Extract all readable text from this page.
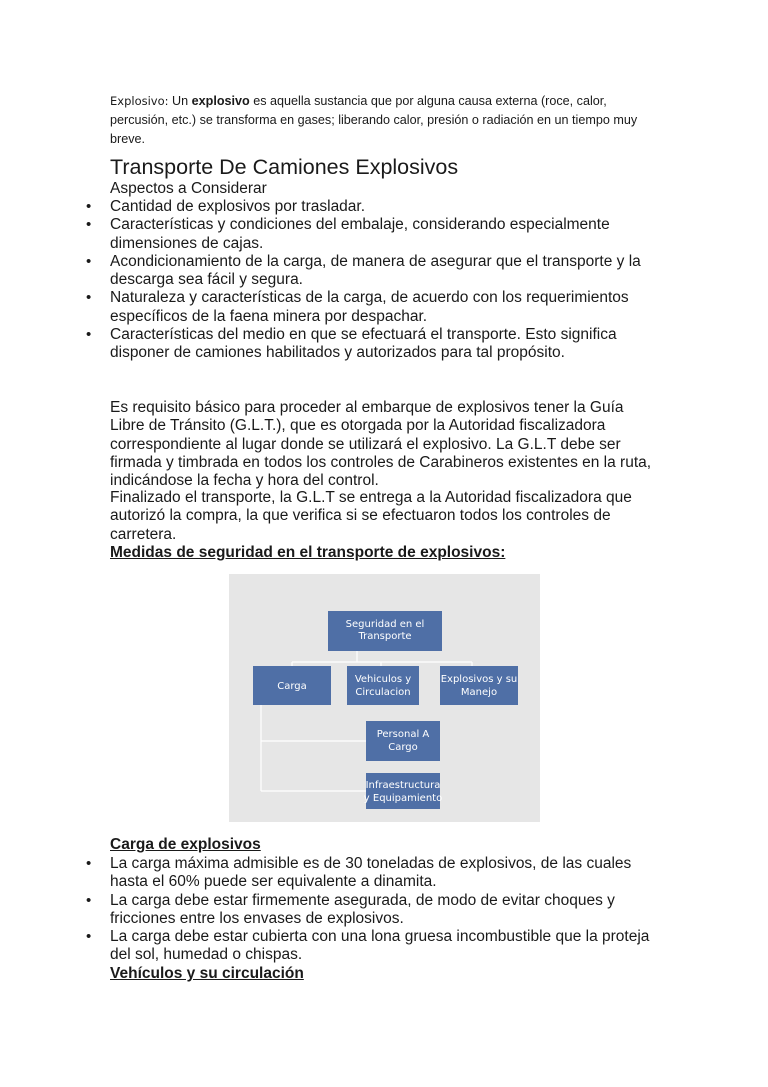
Explosivo: Un explosivo es aquella sustancia que por alguna causa externa (roce, calor, percusión, etc.) se transforma en gases; liberando calor, presión o radiación en un tiempo muy breve.

Transporte De Camiones Explosivos

Aspectos a Considerar

• Cantidad de explosivos por trasladar.
• Características y condiciones del embalaje, considerando especialmente dimensiones de cajas.
• Acondicionamiento de la carga, de manera de asegurar que el transporte y la descarga sea fácil y segura.
• Naturaleza y características de la carga, de acuerdo con los requerimientos específicos de la faena minera por despachar.
• Características del medio en que se efectuará el transporte. Esto significa disponer de camiones habilitados y autorizados para tal propósito.

Es requisito básico para proceder al embarque de explosivos tener la Guía Libre de Tránsito (G.L.T.), que es otorgada por la Autoridad fiscalizadora correspondiente al lugar donde se utilizará el explosivo. La G.L.T debe ser firmada y timbrada en todos los controles de Carabineros existentes en la ruta, indicándose la fecha y hora del control.

Finalizado el transporte, la G.L.T se entrega a la Autoridad fiscalizadora que autorizó la compra, la que verifica si se efectuaron todos los controles de carretera.

Medidas de seguridad en el transporte de explosivos:

Seguridad en el
Transporte
Carga
Vehiculos y
Circulacion
Explosivos y su
Manejo
Personal A
Cargo
Infraestructura
y Equipamiento

Carga de explosivos

• La carga máxima admisible es de 30 toneladas de explosivos, de las cuales hasta el 60% puede ser equivalente a dinamita.
• La carga debe estar firmemente asegurada, de modo de evitar choques y fricciones entre los envases de explosivos.
• La carga debe estar cubierta con una lona gruesa incombustible que la proteja del sol, humedad o chispas.

Vehículos y su circulación
